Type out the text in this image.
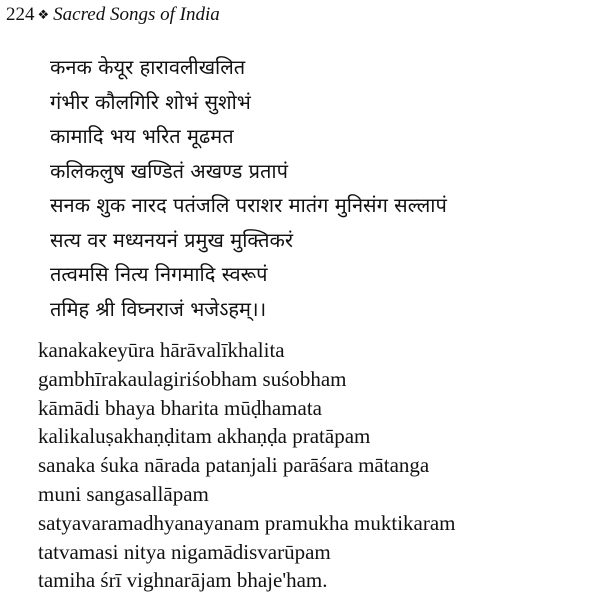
224 ❖ Sacred Songs of India
कनक केयूर हारावलीखलित
गंभीर कौलगिरि शोभं सुशोभं
कामादि भय भरित मूढमत
कलिकलुष खण्डितं अखण्ड प्रतापं
सनक शुक नारद पतंजलि पराशर मातंग मुनिसंग सल्लापं
सत्य वर मध्यनयनं प्रमुख मुक्तिकरं
तत्वमसि नित्य निगमादि स्वरूपं
तमिह श्री विघ्नराजं भजेऽहम्।।
kanakakeyūra hārāvalīkhalita
gambhīrakaulagiriśobham suśobham
kāmādi bhaya bharita mūḍhamata
kalikaluṣakhaṇḍitam akhaṇḍa pratāpam
sanaka śuka nārada patanjali parāśara mātanga
muni sangasallāpam
satyavaramadhyanayanam pramukha muktikaram
tatvamasi nitya nigamādisvarūpam
tamiha śrī vighnarājam bhaje'ham.
